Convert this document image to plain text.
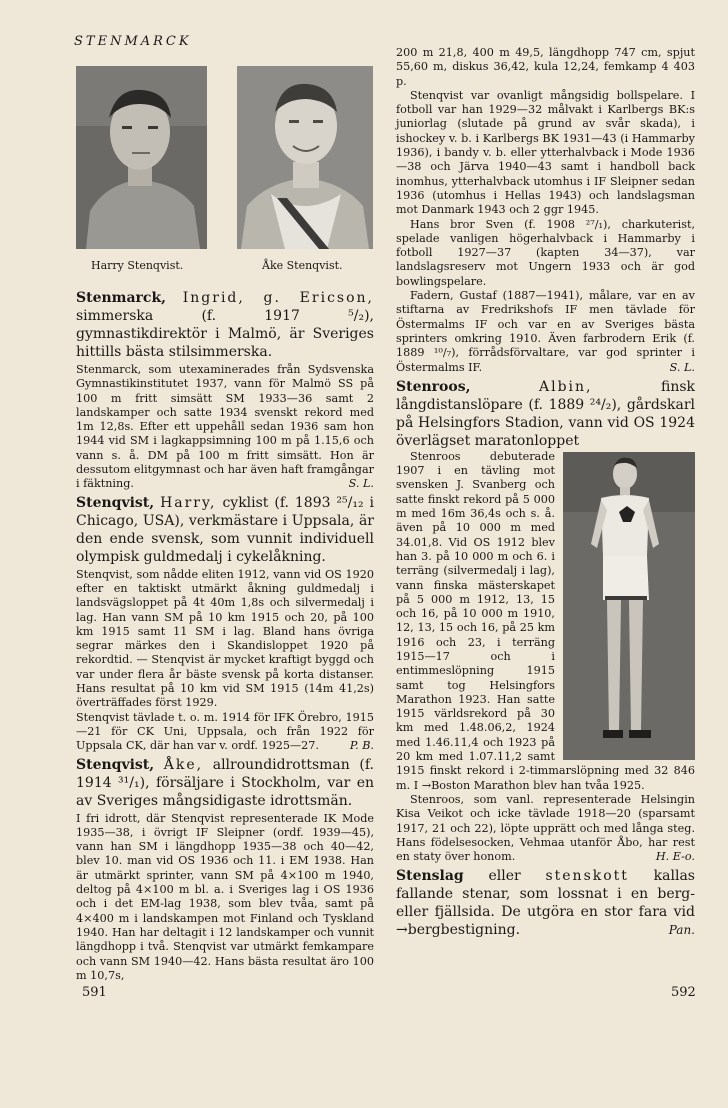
STENMARCK
Harry Stenqvist.	Åke Stenqvist.

Stenmarck, Ingrid, g. Ericson, simmerska (f. 1917 ⁵/₂), gymnastikdirektör i Malmö, är Sveriges hittills bästa stilsimmerska.

Stenmarck, som utexaminerades från Sydsvenska Gymnastikinstitutet 1937, vann för Malmö SS på 100 m fritt simsätt SM 1933—36 samt 2 landskamper och satte 1934 svenskt rekord med 1m 12,8s. Efter ett uppehåll sedan 1936 sam hon 1944 vid SM i lagkappsimning 100 m på 1.15,6 och vann s. å. DM på 100 m fritt simsätt. Hon är dessutom elitgymnast och har även haft framgångar i fäktning.	S. L.

Stenqvist, Harry, cyklist (f. 1893 ²⁵/₁₂ i Chicago, USA), verkmästare i Uppsala, är den ende svensk, som vunnit individuell olympisk guldmedalj i cykelåkning.

Stenqvist, som nådde eliten 1912, vann vid OS 1920 efter en taktiskt utmärkt åkning guldmedalj i landsvägsloppet på 4t 40m 1,8s och silvermedalj i lag. Han vann SM på 10 km 1915 och 20, på 100 km 1915 samt 11 SM i lag. Bland hans övriga segrar märkes den i Skandisloppet 1920 på rekordtid. — Stenqvist är mycket kraftigt byggd och var under flera år bäste svensk på korta distanser. Hans resultat på 10 km vid SM 1915 (14m 41,2s) överträffades först 1929.

Stenqvist tävlade t. o. m. 1914 för IFK Örebro, 1915—21 för CK Uni, Uppsala, och från 1922 för Uppsala CK, där han var v. ordf. 1925—27.	P. B.

Stenqvist, Åke, allroundidrottsman (f. 1914 ³¹/₁), försäljare i Stockholm, var en av Sveriges mångsidigaste idrottsmän.

I fri idrott, där Stenqvist representerade IK Mode 1935—38, i övrigt IF Sleipner (ordf. 1939—45), vann han SM i längdhopp 1935—38 och 40—42, blev 10. man vid OS 1936 och 11. i EM 1938. Han är utmärkt sprinter, vann SM på 4×100 m 1940, deltog på 4×100 m bl. a. i Sveriges lag i OS 1936 och i det EM-lag 1938, som blev tvåa, samt på 4×400 m i landskampen mot Finland och Tyskland 1940. Han har deltagit i 12 landskamper och vunnit längdhopp i två. Stenqvist var utmärkt femkampare och vann SM 1940—42. Hans bästa resultat äro 100 m 10,7s,

591

200 m 21,8, 400 m 49,5, längdhopp 747 cm, spjut 55,60 m, diskus 36,42, kula 12,24, femkamp 4 403 p.

Stenqvist var ovanligt mångsidig bollspelare. I fotboll var han 1929—32 målvakt i Karlbergs BK:s juniorlag (slutade på grund av svår skada), i ishockey v. b. i Karlbergs BK 1931—43 (i Hammarby 1936), i bandy v. b. eller ytterhalvback i Mode 1936—38 och Järva 1940—43 samt i handboll back inomhus, ytterhalvback utomhus i IF Sleipner sedan 1936 (utomhus i Hellas 1943) och landslagsman mot Danmark 1943 och 2 ggr 1945.

Hans bror Sven (f. 1908 ²⁷/₁), charkuterist, spelade vanligen högerhalvback i Hammarby i fotboll 1927—37 (kapten 34—37), var landslagsreserv mot Ungern 1933 och är god bowlingspelare.

Fadern, Gustaf (1887—1941), målare, var en av stiftarna av Fredrikshofs IF men tävlade för Östermalms IF och var en av Sveriges bästa sprinters omkring 1910. Även farbrodern Erik (f. 1889 ¹⁰/₇), förrådsförvaltare, var god sprinter i Östermalms IF.	S. L.

Stenroos,	Albin,	finsk långdistanslöpare (f. 1889 ²⁴/₂), gårdskarl på Helsingfors Stadion, vann vid OS 1924 överlägset maratonloppet

Stenroos debuterade 1907 i en tävling mot svensken J. Svanberg och satte finskt rekord på 5 000 m med 16m 36,4s och s. å. även på 10 000 m med 34.01,8. Vid OS 1912 blev han 3. på 10 000 m och 6. i terräng (silvermedalj i lag), vann finska mästerskapet på 5 000 m 1912, 13, 15 och 16, på 10 000 m 1910, 12, 13, 15 och 16, på 25 km 1916 och 23, i terräng 1915—17 och i entimmeslöpning 1915 samt tog Helsingfors Marathon 1923. Han satte 1915 världsrekord på 30 km med 1.48.06,2, 1924 med 1.46.11,4 och 1923 på 20 km med 1.07.11,2 samt 1915 finskt rekord i 2-timmarslöpning med 32 846 m. I →Boston Marathon blev han tvåa 1925.

Stenroos, som vanl. representerade Helsingin Kisa Veikot och icke tävlade 1918—20 (sparsamt 1917, 21 och 22), löpte upprätt och med långa steg. Hans födelsesocken, Vehmaa utanför Åbo, har rest en staty över honom.	H. E-o.

Stenslag eller stenskott kallas fallande stenar, som lossnat i en berg- eller fjällsida. De utgöra en stor fara vid →bergbestigning.	Pan.

592
